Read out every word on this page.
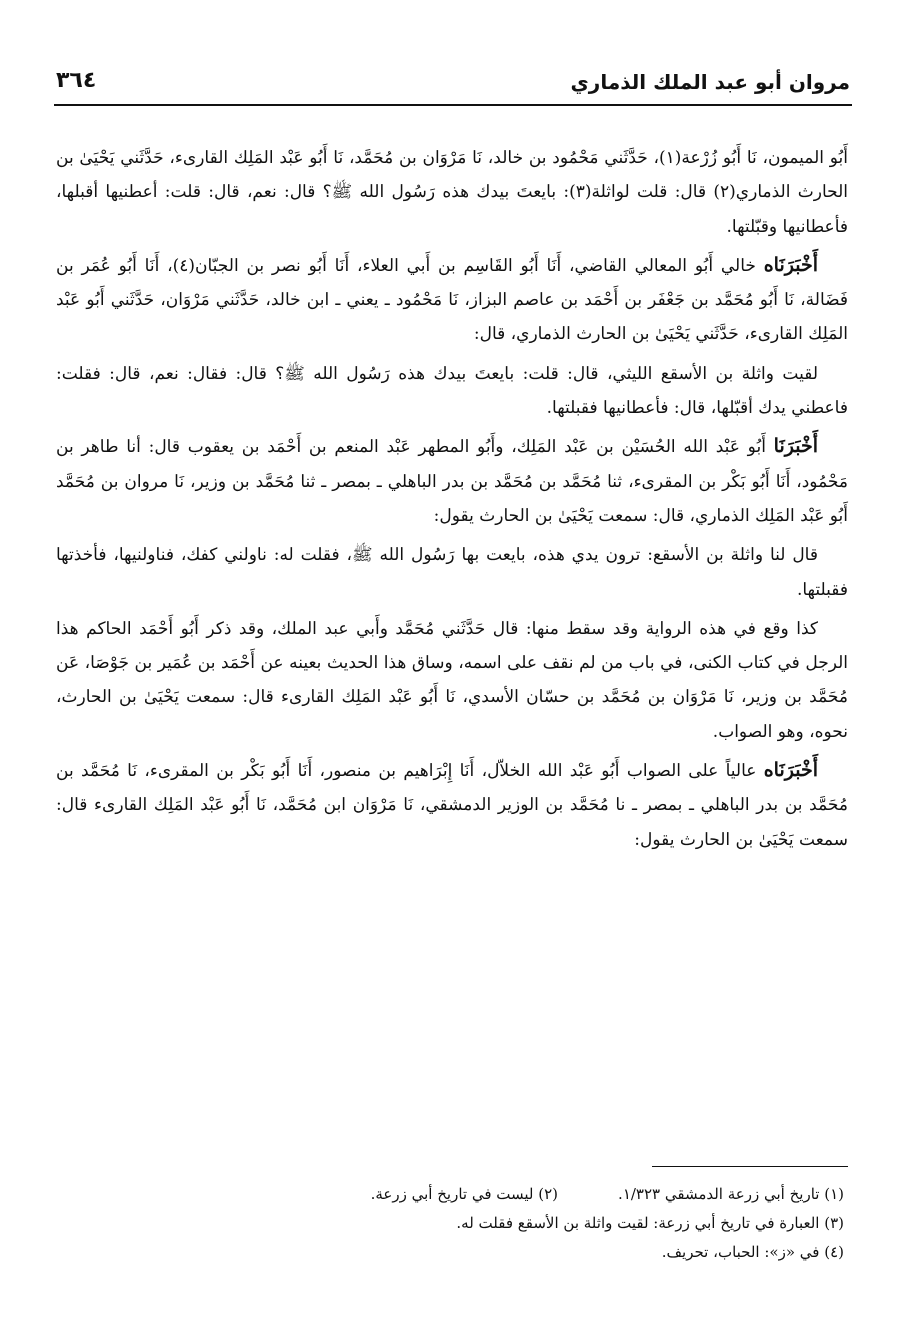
مروان أبو عبد الملك الذماري
٣٦٤

أَبُو الميمون، نَا أَبُو زُرْعة(١)، حَدَّثَني مَحْمُود بن خالد، نَا مَرْوَان بن مُحَمَّد، نَا أَبُو عَبْد المَلِك القارىء، حَدَّثَني يَحْيَىٰ بن الحارث الذماري(٢) قال: قلت لواثلة(٣): بايعتَ بيدك هذه رَسُول الله ﷺ؟ قال: نعم، قال: قلت: أعطنيها أقبلها، فأعطانيها وقبّلتها.

أَخْبَرَنَاه خالي أَبُو المعالي القاضي، أَنَا أَبُو القَاسِم بن أَبي العلاء، أَنَا أَبُو نصر بن الجبّان(٤)، أَنَا أَبُو عُمَر بن فَضَالة، نَا أَبُو مُحَمَّد بن جَعْفَر بن أَحْمَد بن عاصم البزاز، نَا مَحْمُود ـ يعني ـ ابن خالد، حَدَّثَني مَرْوَان، حَدَّثَني أَبُو عَبْد المَلِك القارىء، حَدَّثَني يَحْيَىٰ بن الحارث الذماري، قال:

لقيت واثلة بن الأسقع الليثي، قال: قلت: بايعتَ بيدك هذه رَسُول الله ﷺ؟ قال: فقال: نعم، قال: فقلت: فاعطني يدك أقبّلها، قال: فأعطانيها فقبلتها.

أَخْبَرَنَا أَبُو عَبْد الله الحُسَيْن بن عَبْد المَلِك، وأَبُو المطهر عَبْد المنعم بن أَحْمَد بن يعقوب قال: أنا طاهر بن مَحْمُود، أَنَا أَبُو بَكْر بن المقرىء، ثنا مُحَمَّد بن مُحَمَّد بن بدر الباهلي ـ بمصر ـ ثنا مُحَمَّد بن وزير، نَا مروان بن مُحَمَّد أَبُو عَبْد المَلِك الذماري، قال: سمعت يَحْيَىٰ بن الحارث يقول:

قال لنا واثلة بن الأسقع: ترون يدي هذه، بايعت بها رَسُول الله ﷺ، فقلت له: ناولني كفك، فناولنيها، فأخذتها فقبلتها.

كذا وقع في هذه الرواية وقد سقط منها: قال حَدَّثَني مُحَمَّد وأَبي عبد الملك، وقد ذكر أَبُو أَحْمَد الحاكم هذا الرجل في كتاب الكنى، في باب من لم نقف على اسمه، وساق هذا الحديث بعينه عن أَحْمَد بن عُمَير بن جَوْصَا، عَن مُحَمَّد بن وزير، نَا مَرْوَان بن مُحَمَّد بن حسّان الأسدي، نَا أَبُو عَبْد المَلِك القارىء قال: سمعت يَحْيَىٰ بن الحارث، نحوه، وهو الصواب.

أَخْبَرَنَاه عالياً على الصواب أَبُو عَبْد الله الخلاّل، أَنَا إِبْرَاهيم بن منصور، أَنَا أَبُو بَكْر بن المقرىء، نَا مُحَمَّد بن مُحَمَّد بن بدر الباهلي ـ بمصر ـ نا مُحَمَّد بن الوزير الدمشقي، نَا مَرْوَان ابن مُحَمَّد، نَا أَبُو عَبْد المَلِك القارىء قال: سمعت يَحْيَىٰ بن الحارث يقول:

(١) تاريخ أبي زرعة الدمشقي ١/٣٢٣.(٢) ليست في تاريخ أبي زرعة.
(٣) العبارة في تاريخ أبي زرعة: لقيت واثلة بن الأسقع فقلت له.
(٤) في «ز»: الحباب، تحريف.
